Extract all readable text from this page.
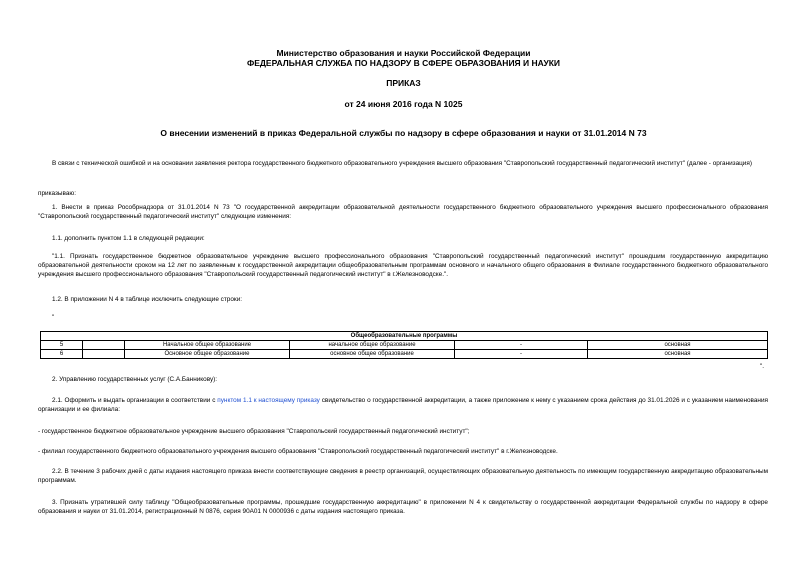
Министерство образования и науки Российской Федерации
ФЕДЕРАЛЬНАЯ СЛУЖБА ПО НАДЗОРУ В СФЕРЕ ОБРАЗОВАНИЯ И НАУКИ
ПРИКАЗ
от 24 июня 2016 года N 1025
О внесении изменений в приказ Федеральной службы по надзору в сфере образования и науки от 31.01.2014 N 73
В связи с технической ошибкой и на основании заявления ректора государственного бюджетного образовательного учреждения высшего образования "Ставропольский государственный педагогический институт" (далее - организация)
приказываю:
1. Внести в приказ Рособрнадзора от 31.01.2014 N 73 "О государственной аккредитации образовательной деятельности государственного бюджетного образовательного учреждения высшего профессионального образования "Ставропольский государственный педагогический институт" следующие изменения:
1.1. дополнить пунктом 1.1 в следующей редакции:
"1.1. Признать государственное бюджетное образовательное учреждение высшего профессионального образования "Ставропольский государственный педагогический институт" прошедшим государственную аккредитацию образовательной деятельности сроком на 12 лет по заявленным к государственной аккредитации общеобразовательным программам основного и начального общего образования в Филиале государственного бюджетного образовательного учреждения высшего профессионального образования "Ставропольский государственный педагогический институт" в г.Железноводске.".
1.2. В приложении N 4 в таблице исключить следующие строки:
"
Общеобразовательные программы					
5		Начальное общее образование	начальное общее образование	-	основная
6		Основное общее образование	основное общее образование	-	основная
".
2. Управлению государственных услуг (С.А.Банникову):
2.1. Оформить и выдать организации в соответствии с пунктом 1.1 к настоящему приказу свидетельство о государственной аккредитации, а также приложение к нему с указанием срока действия до 31.01.2026 и с указанием наименования организации и ее филиала:
- государственное бюджетное образовательное учреждение высшего образования "Ставропольский государственный педагогический институт";
- филиал государственного бюджетного образовательного учреждения высшего образования "Ставропольский государственный педагогический институт" в г.Железноводске.
2.2. В течение 3 рабочих дней с даты издания настоящего приказа внести соответствующие сведения в реестр организаций, осуществляющих образовательную деятельность по имеющим государственную аккредитацию образовательным программам.
3. Признать утратившей силу таблицу "Общеобразовательные программы, прошедшие государственную аккредитацию" в приложении N 4 к свидетельству о государственной аккредитации Федеральной службы по надзору в сфере образования и науки от 31.01.2014, регистрационный N 0876, серия 90А01 N 0000936 с даты издания настоящего приказа.
